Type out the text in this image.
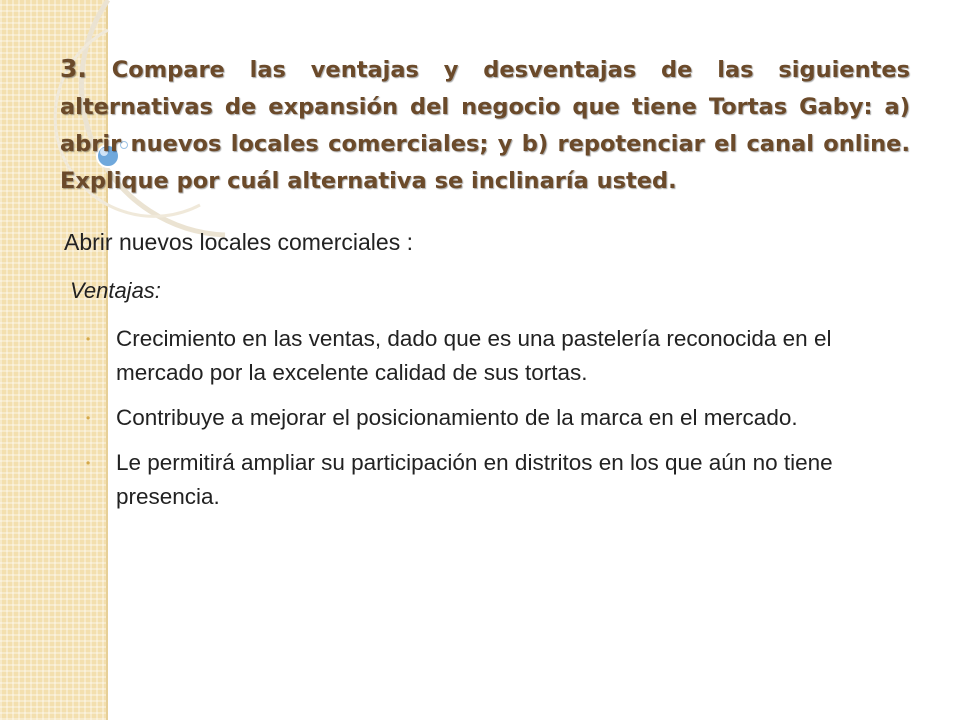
3. Compare las ventajas y desventajas de las siguientes alternativas de expansión del negocio que tiene Tortas Gaby: a) abrir nuevos locales comerciales; y b) repotenciar el canal online. Explique por cuál alternativa se inclinaría usted.

Abrir nuevos locales comerciales :

Ventajas:

• Crecimiento en las ventas, dado que es una pastelería reconocida en el mercado por la excelente calidad de sus tortas.
• Contribuye a mejorar el posicionamiento de la marca en el mercado.
• Le permitirá ampliar su participación en distritos en los que aún no tiene presencia.
